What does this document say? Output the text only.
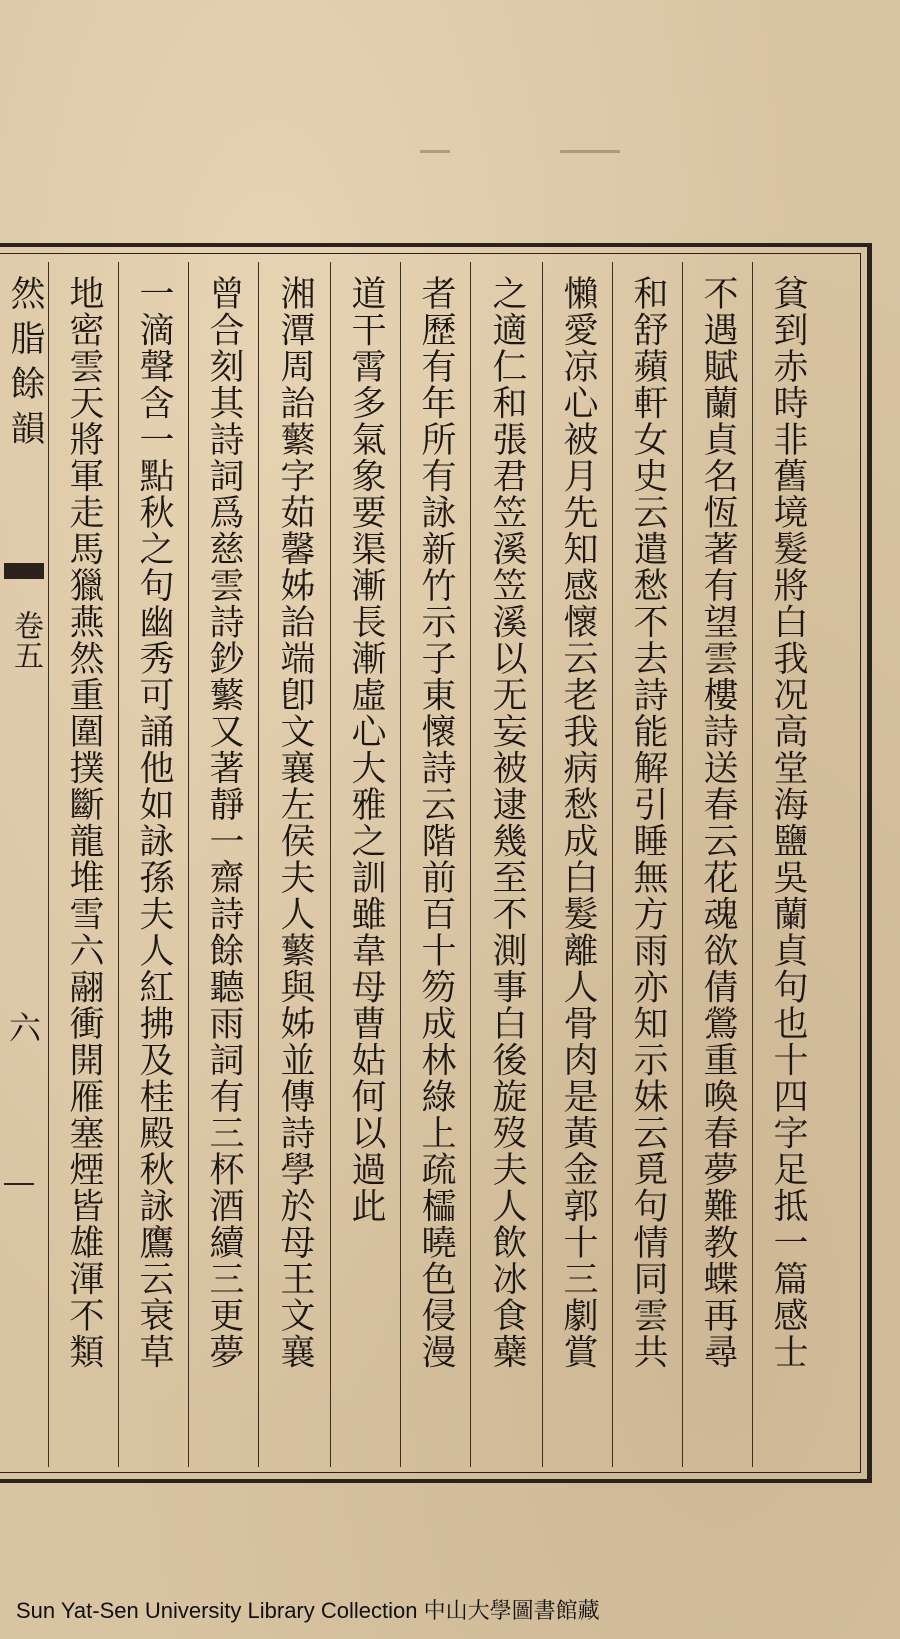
然脂餘韻
卷五
六	貧到赤時非舊境髮將白我况高堂海鹽吳蘭貞句也十四字足抵一篇感士
不遇賦蘭貞名恆著有望雲樓詩送春云花魂欲倩鶯重喚春夢難教蝶再尋
和舒蘋軒女史云遣愁不去詩能解引睡無方雨亦知示妹云覓句情同雲共
懶愛凉心被月先知感懷云老我病愁成白髮離人骨肉是黃金郭十三劇賞
之適仁和張君笠溪笠溪以无妄被逮幾至不測事白後旋歿夫人飲冰食蘗
者歷有年所有詠新竹示子東懷詩云階前百十笏成林綠上疏櫺曉色侵漫
道干霄多氣象要渠漸長漸虛心大雅之訓雖韋母曹姑何以過此
湘潭周詒蘩字茹馨姊詒端卽文襄左侯夫人蘩與姊並傳詩學於母王文襄
曾合刻其詩詞爲慈雲詩鈔蘩又著靜一齋詩餘聽雨詞有三杯酒續三更夢
一滴聲含一點秋之句幽秀可誦他如詠孫夫人紅拂及桂殿秋詠鷹云衰草
地密雲天將軍走馬獵燕然重圍撲斷龍堆雪六翮衝開雁塞煙皆雄渾不類
Sun Yat-Sen University Library Collection 中山大學圖書館藏
